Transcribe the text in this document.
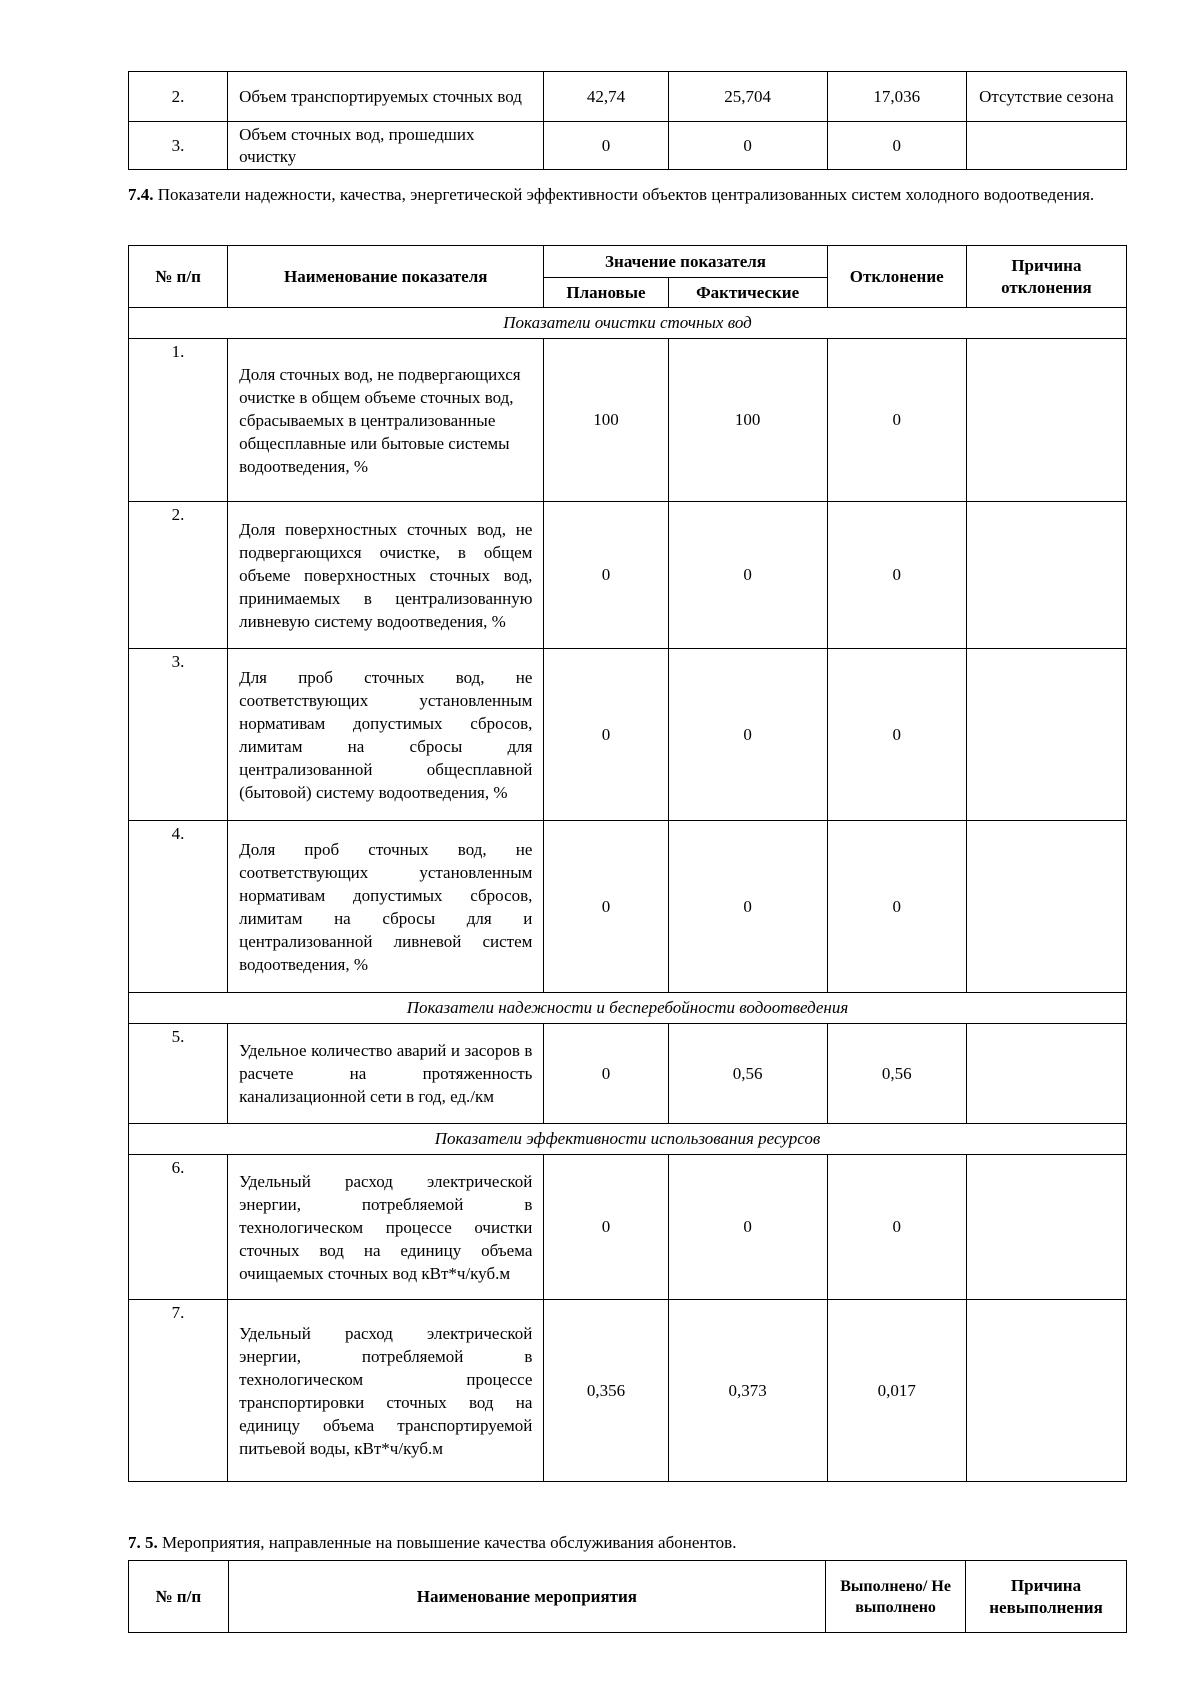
2.	Объем транспортируемых сточных вод	42,74	25,704	17,036	Отсутствие сезона
3.	Объем сточных вод, прошедших очистку	0	0	0	
7.4. Показатели надежности, качества, энергетической эффективности объектов централизованных систем холодного водоотведения.
№ п/п	Наименование показателя	Значение показателя		Отклонение	Причина отклонения
		Плановые	Фактические		
Показатели очистки сточных вод					
1.	Доля сточных вод, не подвергающихся очистке в общем объеме сточных вод, сбрасываемых в централизованные общесплавные или бытовые системы водоотведения, %	100	100	0	
2.	Доля поверхностных сточных вод, не подвергающихся очистке, в общем объеме поверхностных сточных вод, принимаемых в централизованную ливневую систему водоотведения, %	0	0	0	
3.	Для проб сточных вод, не соответствующих установленным нормативам допустимых сбросов, лимитам на сбросы для централизованной общесплавной (бытовой) систему водоотведения, %	0	0	0	
4.	Доля проб сточных вод, не соответствующих установленным нормативам допустимых сбросов, лимитам на сбросы для и централизованной ливневой систем водоотведения, %	0	0	0	
Показатели надежности и бесперебойности водоотведения					
5.	Удельное количество аварий и засоров в расчете на протяженность канализационной сети в год, ед./км	0	0,56	0,56	
Показатели эффективности использования ресурсов					
6.	Удельный расход электрической энергии, потребляемой в технологическом процессе очистки сточных вод на единицу объема очищаемых сточных вод кВт*ч/куб.м	0	0	0	
7.	Удельный расход электрической энергии, потребляемой в технологическом процессе транспортировки сточных вод на единицу объема транспортируемой питьевой воды, кВт*ч/куб.м	0,356	0,373	0,017	
7. 5. Мероприятия, направленные на повышение качества обслуживания абонентов.
№ п/п	Наименование мероприятия	Выполнено/ Не выполнено	Причина невыполнения
